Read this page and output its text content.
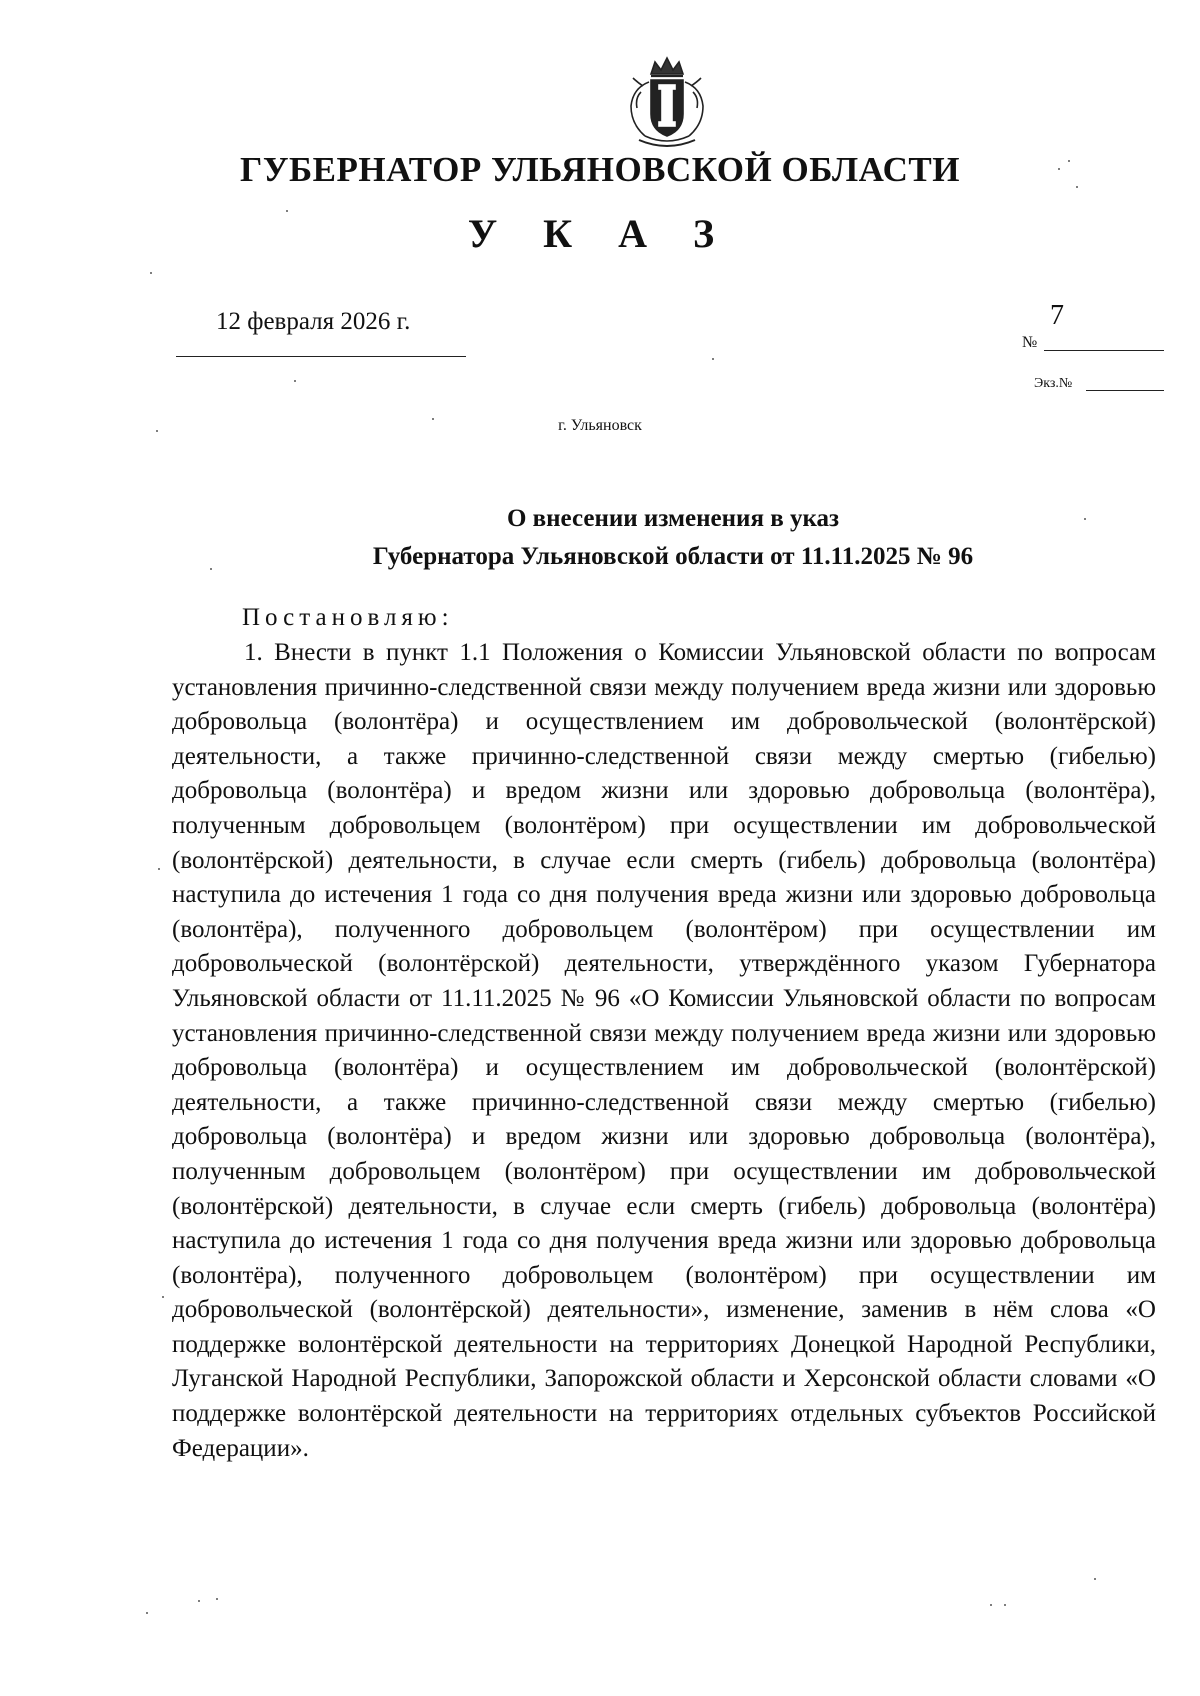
ГУБЕРНАТОР УЛЬЯНОВСКОЙ ОБЛАСТИ
У К А З
12 февраля 2026 г.	7
№
Экз.№
г. Ульяновск
О внесении изменения в указ
Губернатора Ульяновской области от 11.11.2025 № 96
Постановляю:
1. Внести в пункт 1.1 Положения о Комиссии Ульяновской области по вопросам установления причинно-следственной связи между получением вреда жизни или здоровью добровольца (волонтёра) и осуществлением им добровольческой (волонтёрской) деятельности, а также причинно-следственной связи между смертью (гибелью) добровольца (волонтёра) и вредом жизни или здоровью добровольца (волонтёра), полученным добровольцем (волонтёром) при осуществлении им добровольческой (волонтёрской) деятельности, в случае если смерть (гибель) добровольца (волонтёра) наступила до истечения 1 года со дня получения вреда жизни или здоровью добровольца (волонтёра), полученного добровольцем (волонтёром) при осуществлении им добровольческой (волонтёрской) деятельности, утверждённого указом Губернатора Ульяновской области от 11.11.2025 № 96 «О Комиссии Ульяновской области по вопросам установления причинно-следственной связи между получением вреда жизни или здоровью добровольца (волонтёра) и осуществлением им добровольческой (волонтёрской) деятельности, а также причинно-следственной связи между смертью (гибелью) добровольца (волонтёра) и вредом жизни или здоровью добровольца (волонтёра), полученным добровольцем (волонтёром) при осуществлении им добровольческой (волонтёрской) деятельности, в случае если смерть (гибель) добровольца (волонтёра) наступила до истечения 1 года со дня получения вреда жизни или здоровью добровольца (волонтёра), полученного добровольцем (волонтёром) при осуществлении им добровольческой (волонтёрской) деятельности», изменение, заменив в нём слова «О поддержке волонтёрской деятельности на территориях Донецкой Народной Республики, Луганской Народной Республики, Запорожской области и Херсонской области словами «О поддержке волонтёрской деятельности на территориях отдельных субъектов Российской Федерации».
